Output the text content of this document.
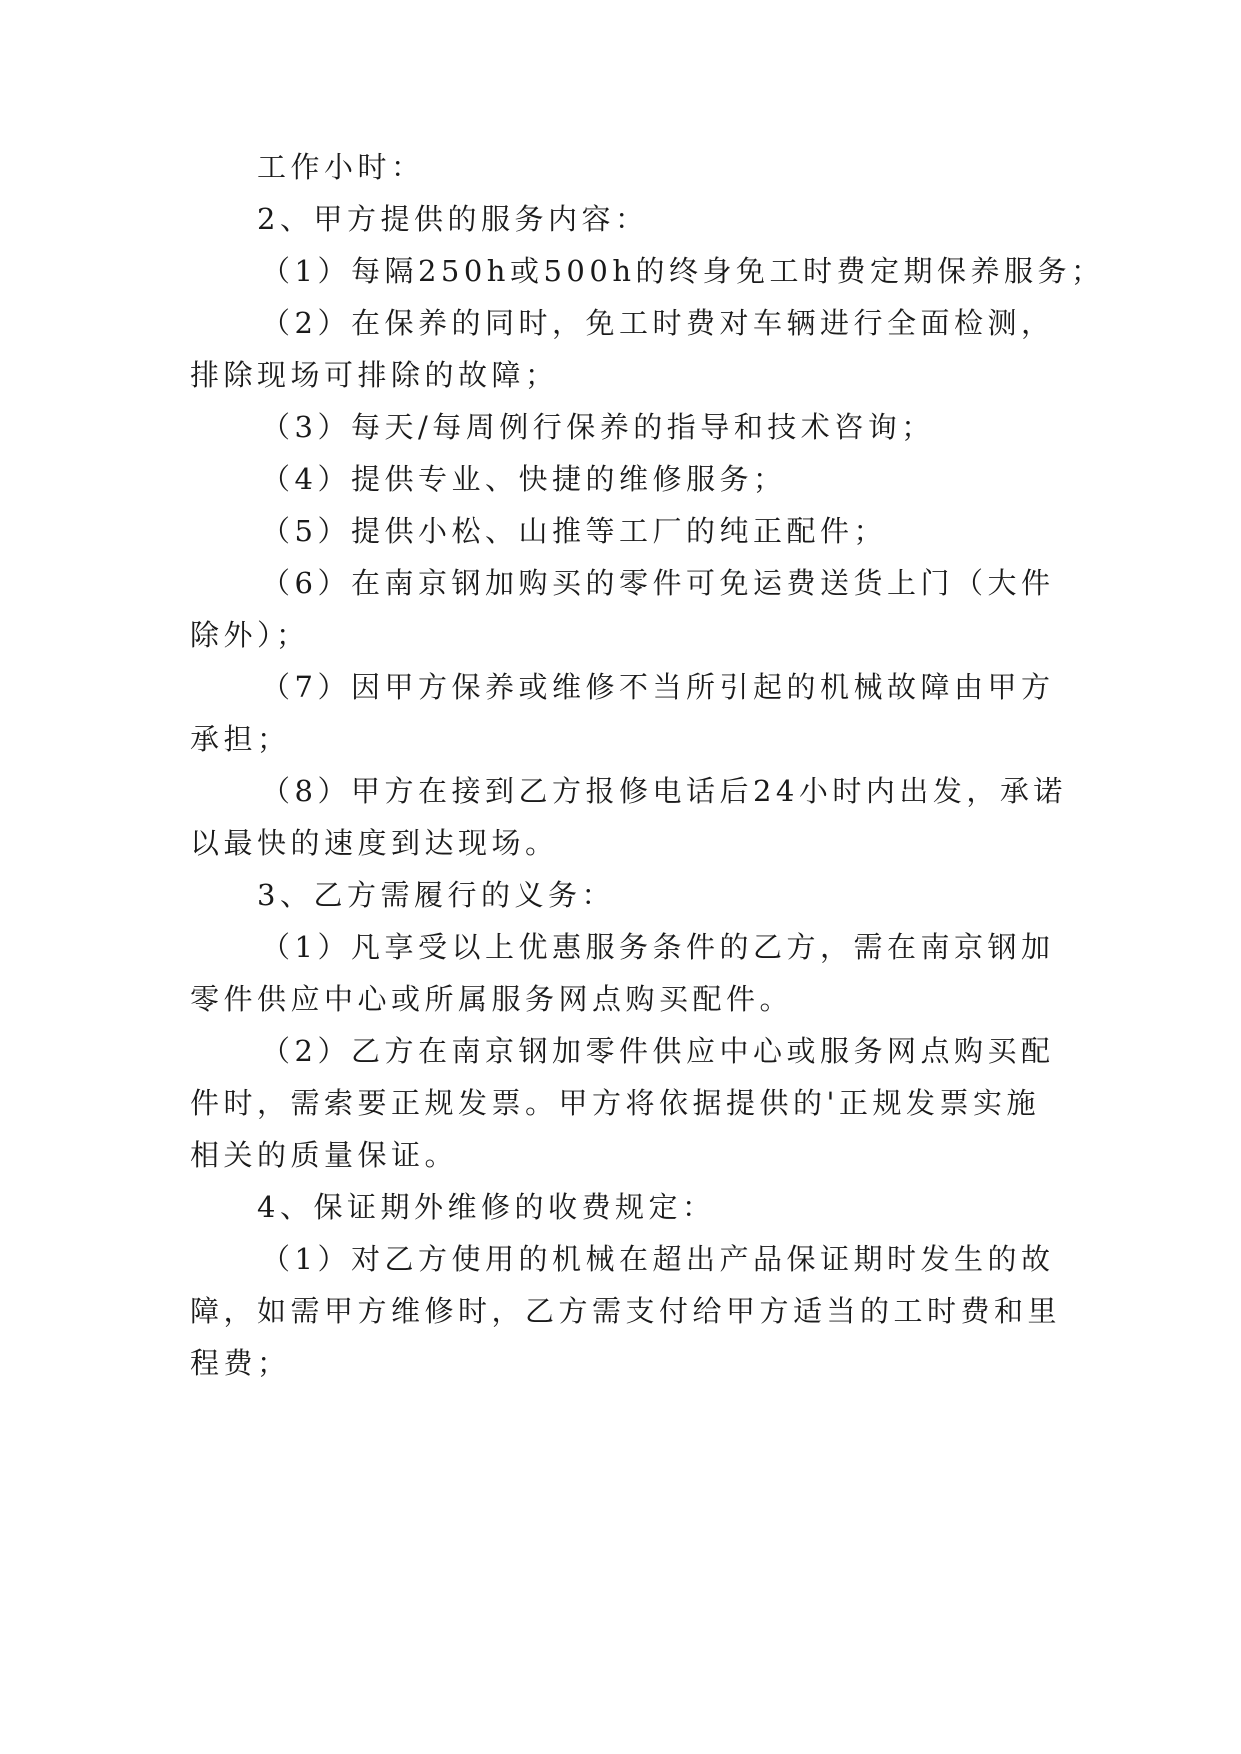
工作小时：
2、甲方提供的服务内容：
（1）每隔250h或500h的终身免工时费定期保养服务；
（2）在保养的同时，免工时费对车辆进行全面检测，
排除现场可排除的故障；
（3）每天/每周例行保养的指导和技术咨询；
（4）提供专业、快捷的维修服务；
（5）提供小松、山推等工厂的纯正配件；
（6）在南京钢加购买的零件可免运费送货上门（大件
除外）；
（7）因甲方保养或维修不当所引起的机械故障由甲方
承担；
（8）甲方在接到乙方报修电话后24小时内出发，承诺
以最快的速度到达现场。
3、乙方需履行的义务：
（1）凡享受以上优惠服务条件的乙方，需在南京钢加
零件供应中心或所属服务网点购买配件。
（2）乙方在南京钢加零件供应中心或服务网点购买配
件时，需索要正规发票。甲方将依据提供的'正规发票实施
相关的质量保证。
4、保证期外维修的收费规定：
（1）对乙方使用的机械在超出产品保证期时发生的故
障，如需甲方维修时，乙方需支付给甲方适当的工时费和里
程费；
